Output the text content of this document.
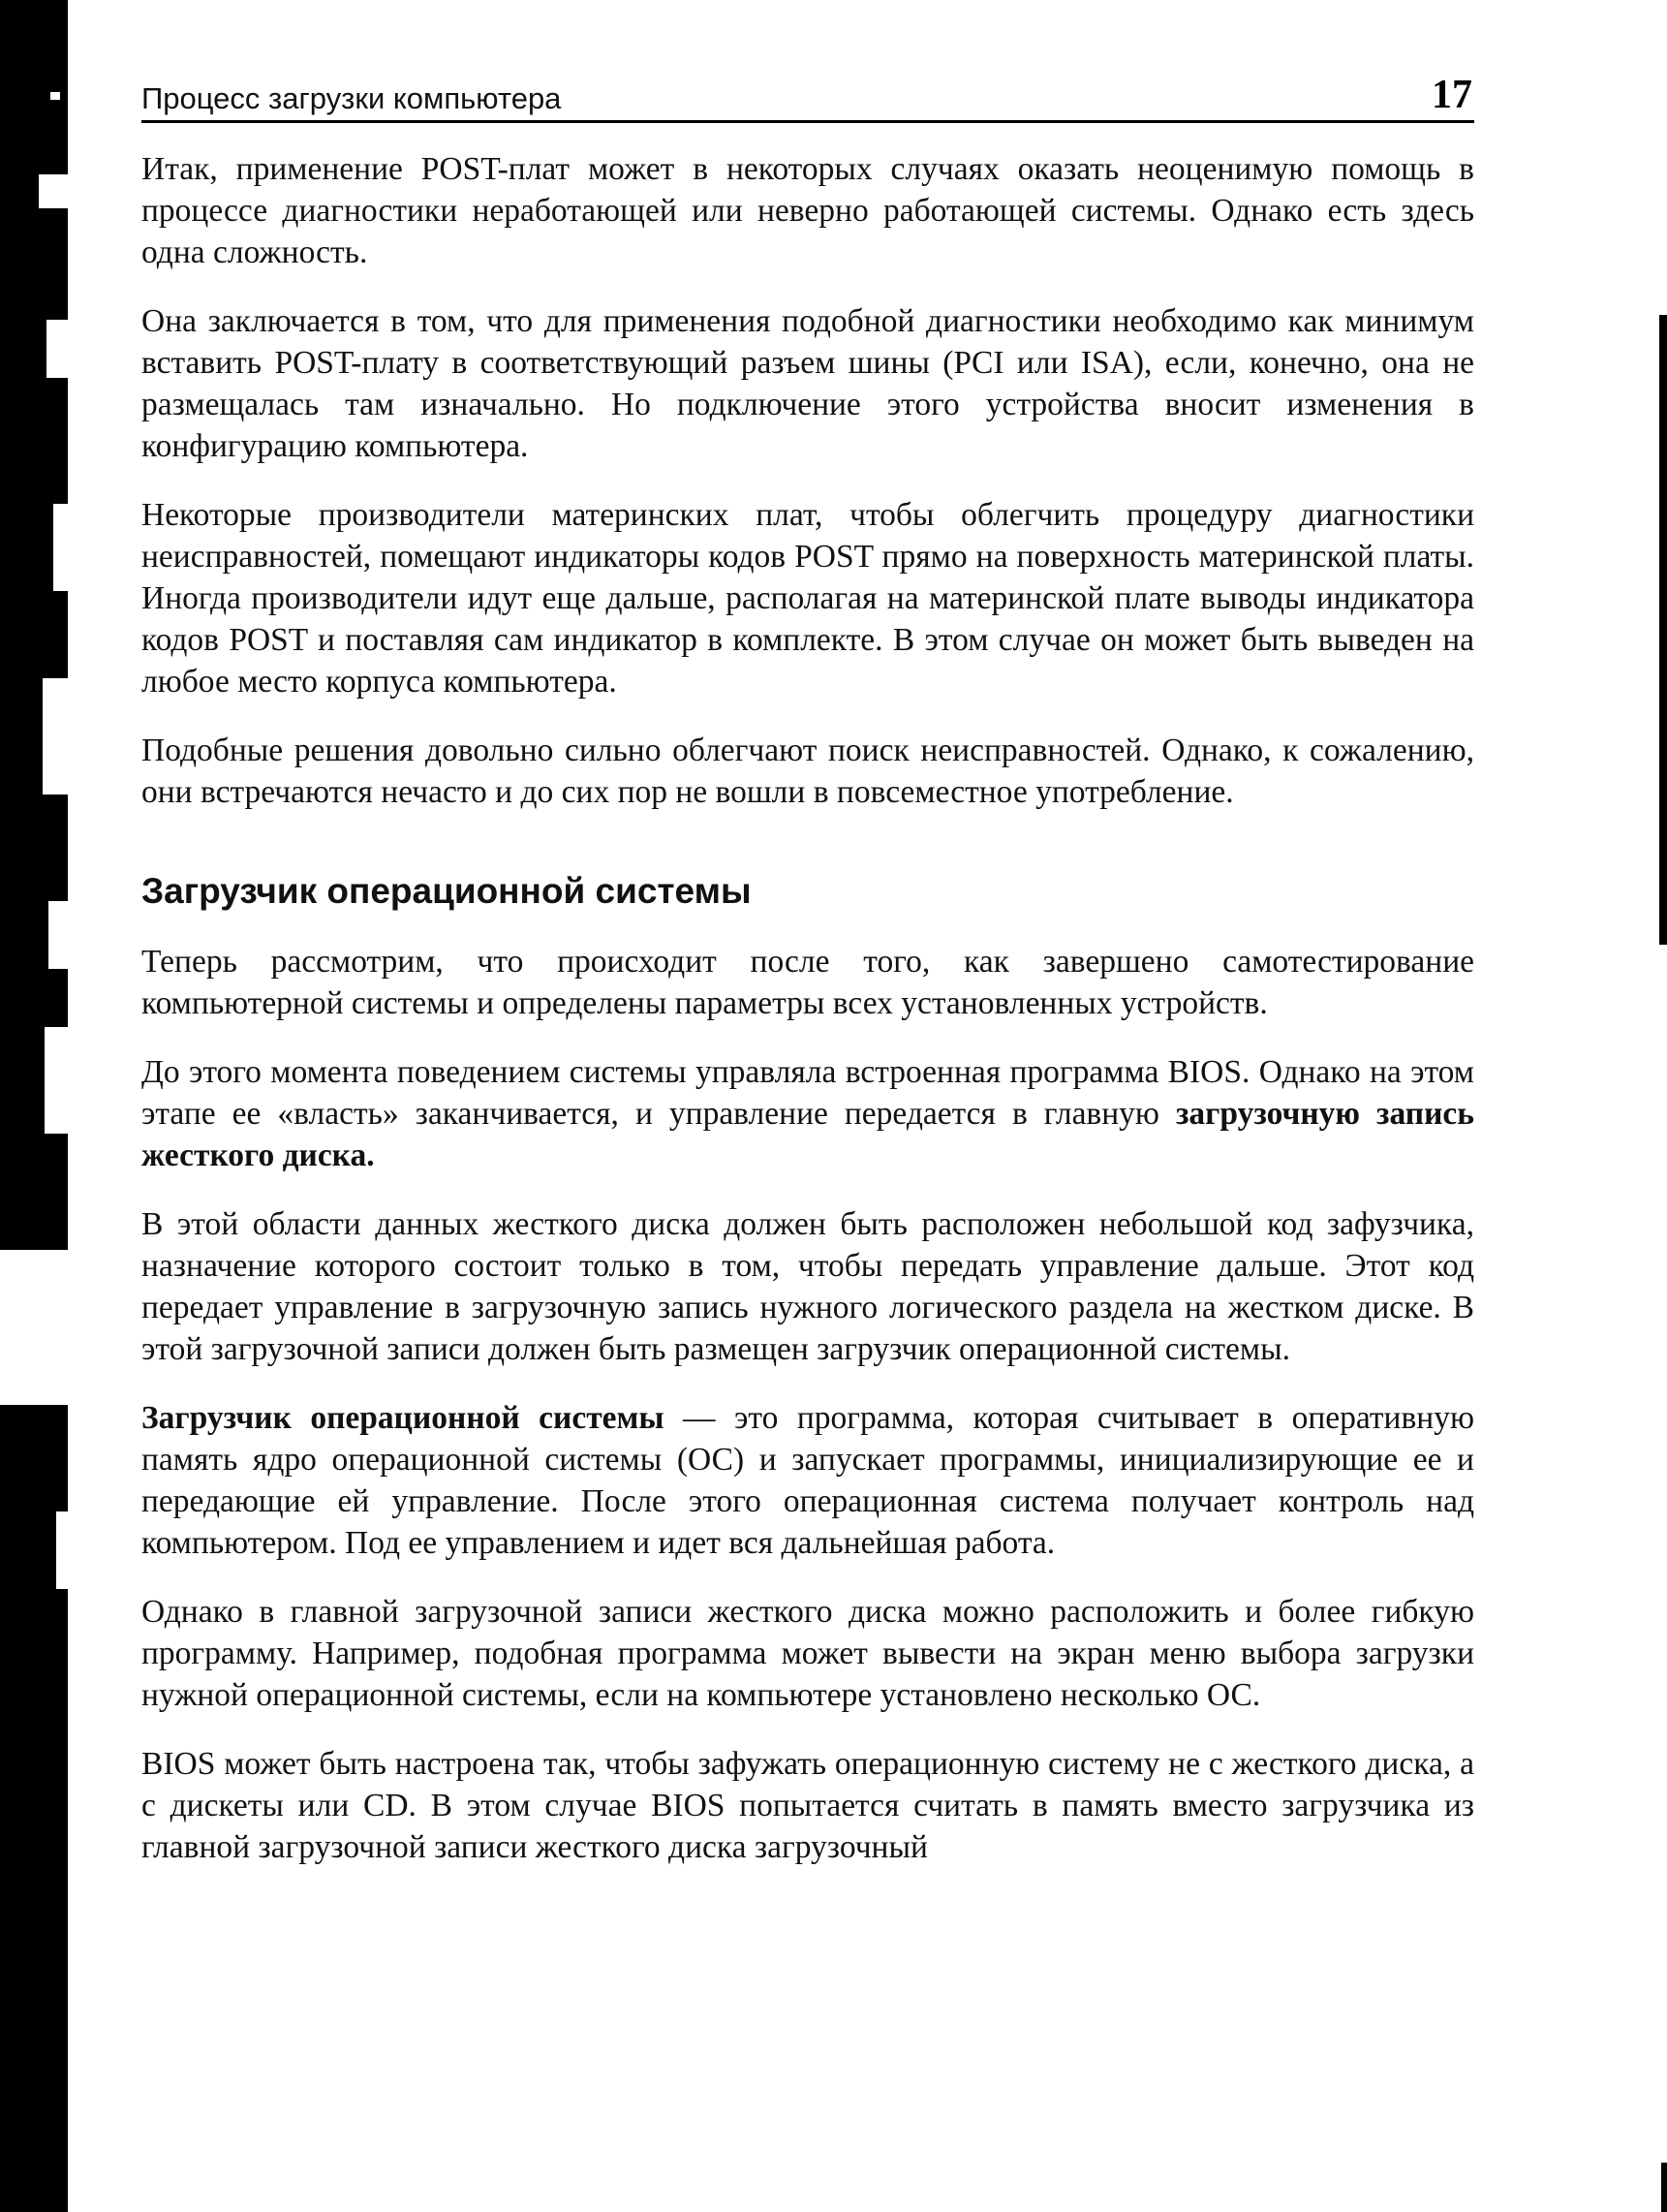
Процесс загрузки компьютера	17

Итак, применение POST-плат может в некоторых случаях оказать неоценимую помощь в процессе диагностики неработающей или неверно работающей системы. Однако есть здесь одна сложность.

Она заключается в том, что для применения подобной диагностики необходимо как минимум вставить POST-плату в соответствующий разъем шины (PCI или ISA), если, конечно, она не размещалась там изначально. Но подключение этого устройства вносит изменения в конфигурацию компьютера.

Некоторые производители материнских плат, чтобы облегчить процедуру диагностики неисправностей, помещают индикаторы кодов POST прямо на поверхность материнской платы. Иногда производители идут еще дальше, располагая на материнской плате выводы индикатора кодов POST и поставляя сам индикатор в комплекте. В этом случае он может быть выведен на любое место корпуса компьютера.

Подобные решения довольно сильно облегчают поиск неисправностей. Однако, к сожалению, они встречаются нечасто и до сих пор не вошли в повсеместное употребление.

Загрузчик операционной системы

Теперь рассмотрим, что происходит после того, как завершено самотестирование компьютерной системы и определены параметры всех установленных устройств.

До этого момента поведением системы управляла встроенная программа BIOS. Однако на этом этапе ее «власть» заканчивается, и управление передается в главную загрузочную запись жесткого диска.

В этой области данных жесткого диска должен быть расположен небольшой код зафузчика, назначение которого состоит только в том, чтобы передать управление дальше. Этот код передает управление в загрузочную запись нужного логического раздела на жестком диске. В этой загрузочной записи должен быть размещен загрузчик операционной системы.

Загрузчик операционной системы — это программа, которая считывает в оперативную память ядро операционной системы (ОС) и запускает программы, инициализирующие ее и передающие ей управление. После этого операционная система получает контроль над компьютером. Под ее управлением и идет вся дальнейшая работа.

Однако в главной загрузочной записи жесткого диска можно расположить и более гибкую программу. Например, подобная программа может вывести на экран меню выбора загрузки нужной операционной системы, если на компьютере установлено несколько ОС.

BIOS может быть настроена так, чтобы зафужать операционную систему не с жесткого диска, а с дискеты или CD. В этом случае BIOS попытается считать в память вместо загрузчика из главной загрузочной записи жесткого диска загрузочный
